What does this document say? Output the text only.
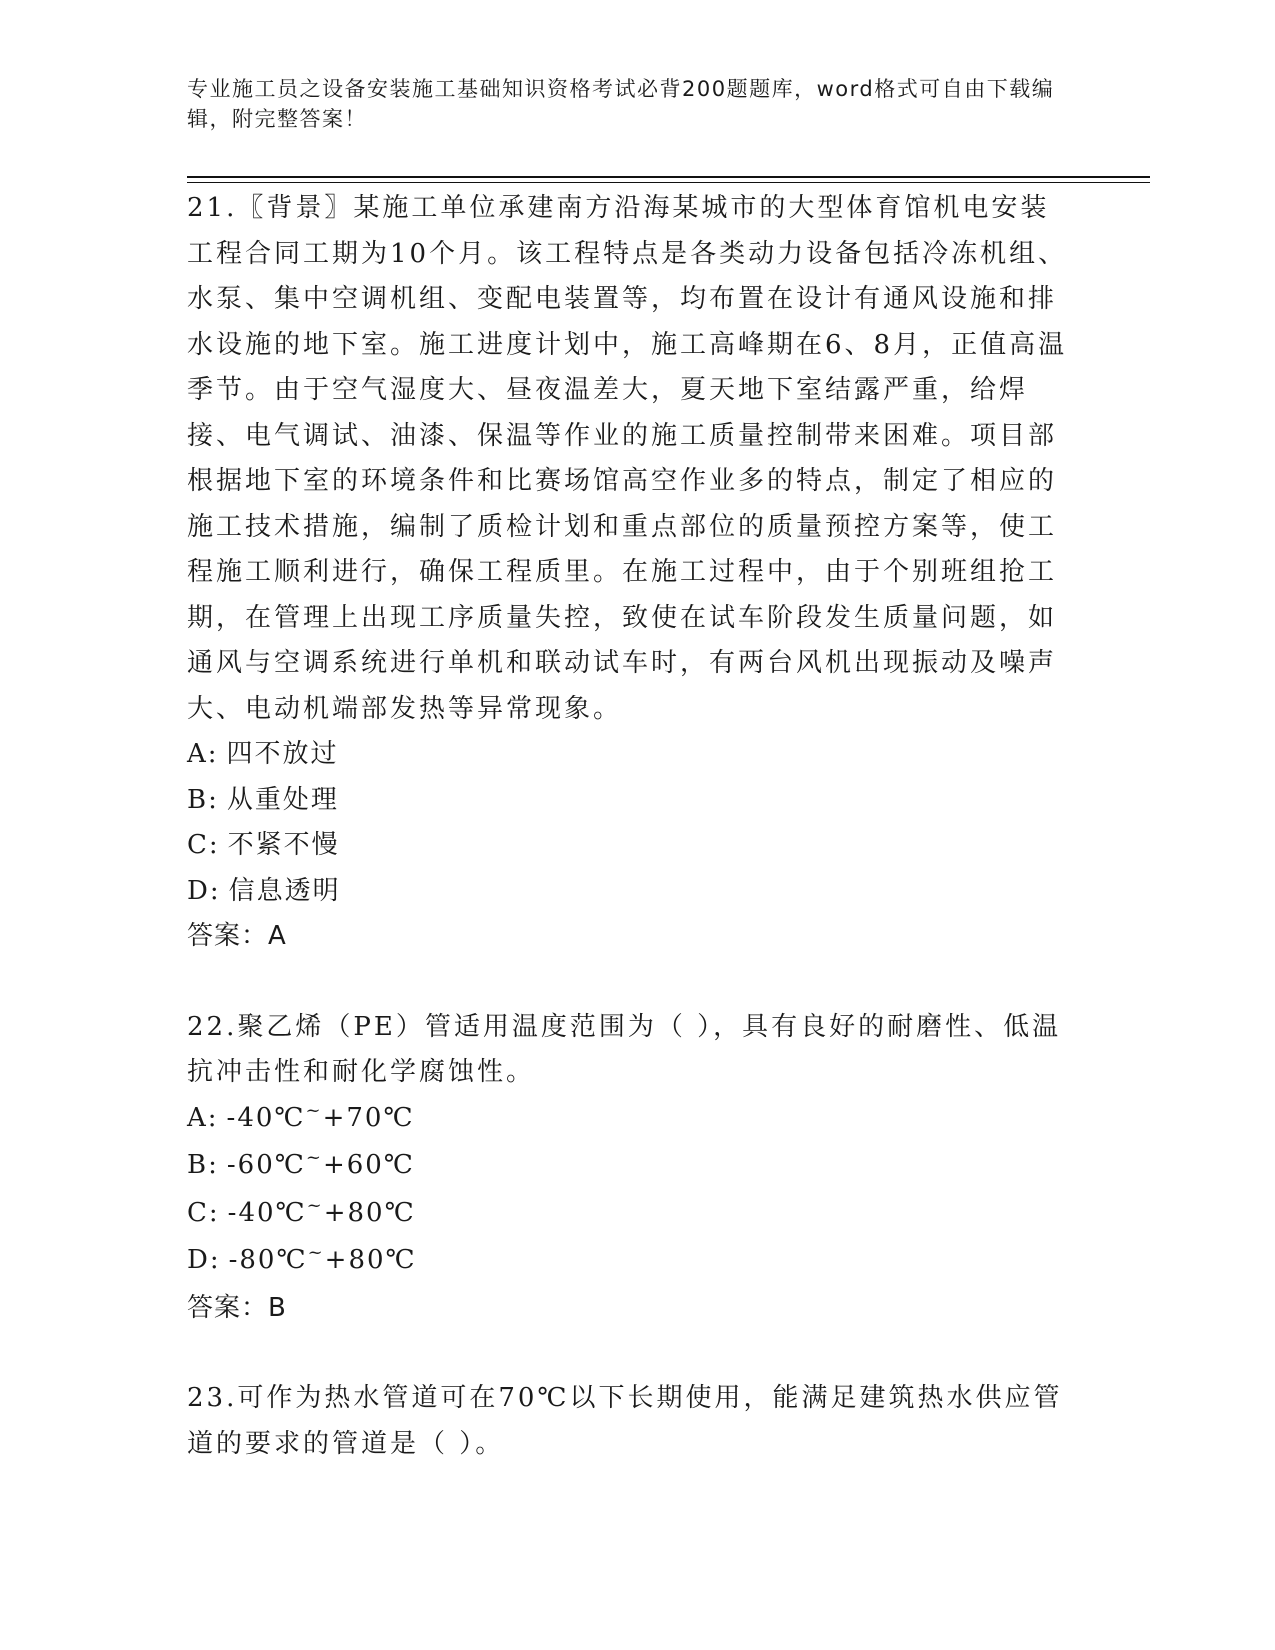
专业施工员之设备安装施工基础知识资格考试必背200题题库，word格式可自由下载编辑，附完整答案！

21.〖背景〗某施工单位承建南方沿海某城市的大型体育馆机电安装工程合同工期为10个月。该工程特点是各类动力设备包括冷冻机组、水泵、集中空调机组、变配电装置等，均布置在设计有通风设施和排水设施的地下室。施工进度计划中，施工高峰期在6、8月，正值高温季节。由于空气湿度大、昼夜温差大，夏天地下室结露严重，给焊接、电气调试、油漆、保温等作业的施工质量控制带来困难。项目部根据地下室的环境条件和比赛场馆高空作业多的特点，制定了相应的施工技术措施，编制了质检计划和重点部位的质量预控方案等，使工程施工顺利进行，确保工程质里。在施工过程中，由于个别班组抢工期，在管理上出现工序质量失控，致使在试车阶段发生质量问题，如通风与空调系统进行单机和联动试车时，有两台风机出现振动及噪声大、电动机端部发热等异常现象。

A: 四不放过

B: 从重处理

C: 不紧不慢

D: 信息透明

答案：A

22.聚乙烯（PE）管适用温度范围为（ ），具有良好的耐磨性、低温抗冲击性和耐化学腐蚀性。

A: -40℃~+70℃

B: -60℃~+60℃

C: -40℃~+80℃

D: -80℃~+80℃

答案：B

23.可作为热水管道可在70℃以下长期使用，能满足建筑热水供应管道的要求的管道是（ ）。
